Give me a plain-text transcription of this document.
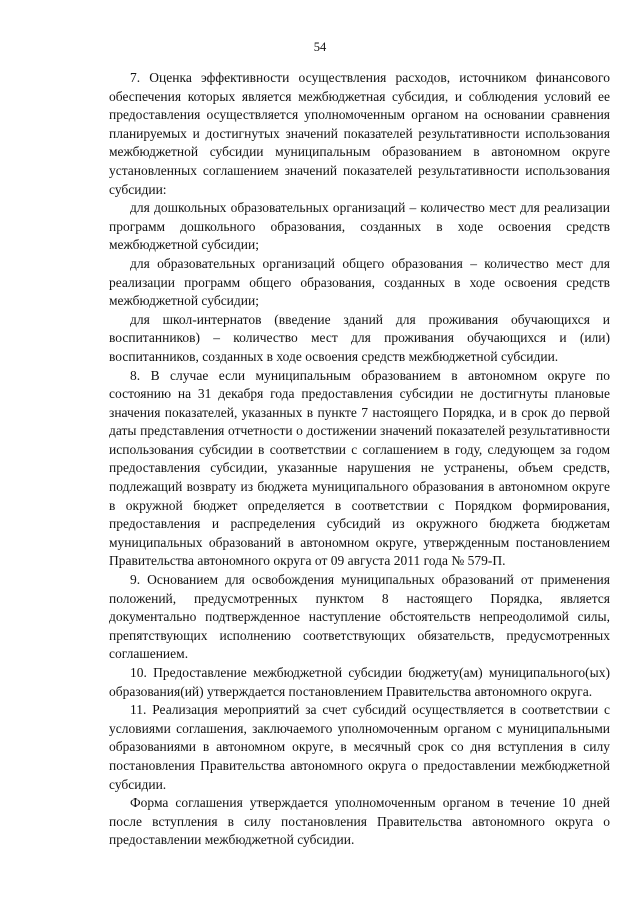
54

7. Оценка эффективности осуществления расходов, источником финансового обеспечения которых является межбюджетная субсидия, и соблюдения условий ее предоставления осуществляется уполномоченным органом на основании сравнения планируемых и достигнутых значений показателей результативности использования межбюджетной субсидии муниципальным образованием в автономном округе установленных соглашением значений показателей результативности использования субсидии:

для дошкольных образовательных организаций – количество мест для реализации программ дошкольного образования, созданных в ходе освоения средств межбюджетной субсидии;

для образовательных организаций общего образования – количество мест для реализации программ общего образования, созданных в ходе освоения средств межбюджетной субсидии;

для школ-интернатов (введение зданий для проживания обучающихся и воспитанников) – количество мест для проживания обучающихся и (или) воспитанников, созданных в ходе освоения средств межбюджетной субсидии.

8. В случае если муниципальным образованием в автономном округе по состоянию на 31 декабря года предоставления субсидии не достигнуты плановые значения показателей, указанных в пункте 7 настоящего Порядка, и в срок до первой даты представления отчетности о достижении значений показателей результативности использования субсидии в соответствии с соглашением в году, следующем за годом предоставления субсидии, указанные нарушения не устранены, объем средств, подлежащий возврату из бюджета муниципального образования в автономном округе в окружной бюджет определяется в соответствии с Порядком формирования, предоставления и распределения субсидий из окружного бюджета бюджетам муниципальных образований в автономном округе, утвержденным постановлением Правительства автономного округа от 09 августа 2011 года № 579-П.

9. Основанием для освобождения муниципальных образований от применения положений, предусмотренных пунктом 8 настоящего Порядка, является документально подтвержденное наступление обстоятельств непреодолимой силы, препятствующих исполнению соответствующих обязательств, предусмотренных соглашением.

10. Предоставление межбюджетной субсидии бюджету(ам) муниципального(ых) образования(ий) утверждается постановлением Правительства автономного округа.

11. Реализация мероприятий за счет субсидий осуществляется в соответствии с условиями соглашения, заключаемого уполномоченным органом с муниципальными образованиями в автономном округе, в месячный срок со дня вступления в силу постановления Правительства автономного округа о предоставлении межбюджетной субсидии.

Форма соглашения утверждается уполномоченным органом в течение 10 дней после вступления в силу постановления Правительства автономного округа о предоставлении межбюджетной субсидии.
